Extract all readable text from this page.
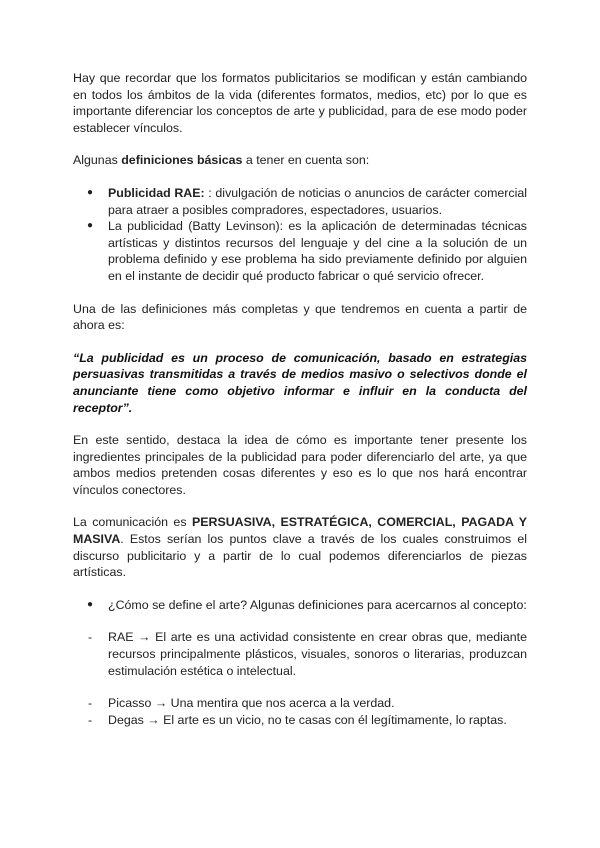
Hay que recordar que los formatos publicitarios se modifican y están cambiando en todos los ámbitos de la vida (diferentes formatos, medios, etc) por lo que es importante diferenciar los conceptos de arte y publicidad, para de ese modo poder establecer vínculos.

Algunas definiciones básicas a tener en cuenta son:

● Publicidad RAE: : divulgación de noticias o anuncios de carácter comercial para atraer a posibles compradores, espectadores, usuarios.
● La publicidad (Batty Levinson): es la aplicación de determinadas técnicas artísticas y distintos recursos del lenguaje y del cine a la solución de un problema definido y ese problema ha sido previamente definido por alguien en el instante de decidir qué producto fabricar o qué servicio ofrecer.

Una de las definiciones más completas y que tendremos en cuenta a partir de ahora es:

“La publicidad es un proceso de comunicación, basado en estrategias persuasivas transmitidas a través de medios masivo o selectivos donde el anunciante tiene como objetivo informar e influir en la conducta del receptor”.

En este sentido, destaca la idea de cómo es importante tener presente los ingredientes principales de la publicidad para poder diferenciarlo del arte, ya que ambos medios pretenden cosas diferentes y eso es lo que nos hará encontrar vínculos conectores.

La comunicación es PERSUASIVA, ESTRATÉGICA, COMERCIAL, PAGADA Y MASIVA. Estos serían los puntos clave a través de los cuales construimos el discurso publicitario y a partir de lo cual podemos diferenciarlos de piezas artísticas.

● ¿Cómo se define el arte? Algunas definiciones para acercarnos al concepto:
- RAE → El arte es una actividad consistente en crear obras que, mediante recursos principalmente plásticos, visuales, sonoros o literarias, produzcan estimulación estética o intelectual.
- Picasso → Una mentira que nos acerca a la verdad.
- Degas → El arte es un vicio, no te casas con él legítimamente, lo raptas.
